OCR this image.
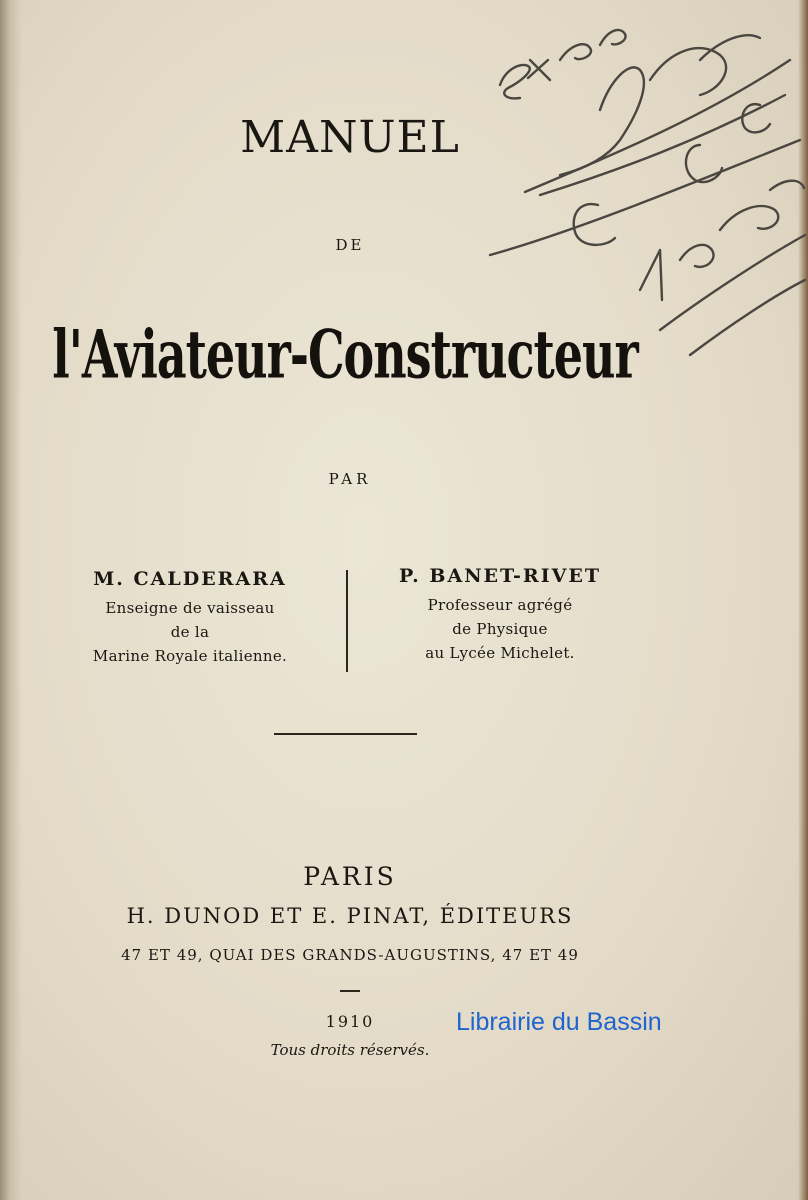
MANUEL
DE
l'Aviateur-Constructeur
PAR
M. CALDERARA
Enseigne de vaisseau
de la
Marine Royale italienne.
P. BANET-RIVET
Professeur agrégé
de Physique
au Lycée Michelet.
PARIS
H. DUNOD ET E. PINAT, ÉDITEURS
47 ET 49, QUAI DES GRANDS-AUGUSTINS, 47 ET 49
1910
Tous droits réservés.
Librairie du Bassin
